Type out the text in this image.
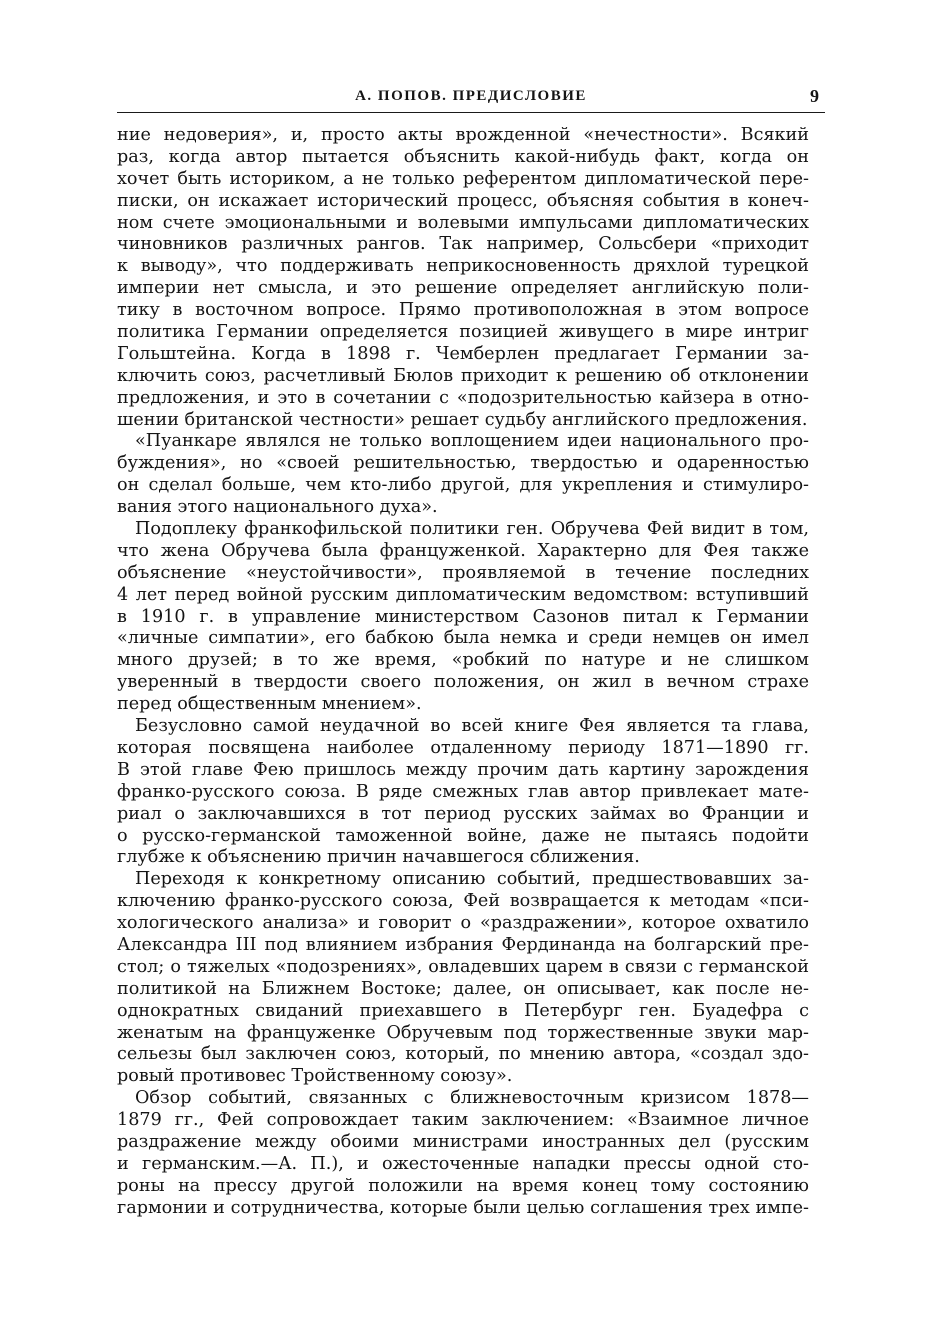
А. ПОПОВ. ПРЕДИСЛОВИЕ	9
ние недоверия», и, просто акты врожденной «нечестности». Всякий
раз, когда автор пытается объяснить какой-нибудь факт, когда он
хочет быть историком, а не только референтом дипломатической пере-
писки, он искажает исторический процесс, объясняя события в конеч-
ном счете эмоциональными и волевыми импульсами дипломатических
чиновников различных рангов. Так например, Сольсбери «приходит
к выводу», что поддерживать неприкосновенность дряхлой турецкой
империи нет смысла, и это решение определяет английскую поли-
тику в восточном вопросе. Прямо противоположная в этом вопросе
политика Германии определяется позицией живущего в мире интриг
Гольштейна. Когда в 1898 г. Чемберлен предлагает Германии за-
ключить союз, расчетливый Бюлов приходит к решению об отклонении
предложения, и это в сочетании с «подозрительностью кайзера в отно-
шении британской честности» решает судьбу английского предложения.
«Пуанкаре являлся не только воплощением идеи национального про-
буждения», но «своей решительностью, твердостью и одаренностью
он сделал больше, чем кто-либо другой, для укрепления и стимулиро-
вания этого национального духа».
Подоплеку франкофильской политики ген. Обручева Фей видит в том,
что жена Обручева была француженкой. Характерно для Фея также
объяснение «неустойчивости», проявляемой в течение последних
4 лет перед войной русским дипломатическим ведомством: вступивший
в 1910 г. в управление министерством Сазонов питал к Германии
«личные симпатии», его бабкою была немка и среди немцев он имел
много друзей; в то же время, «робкий по натуре и не слишком
уверенный в твердости своего положения, он жил в вечном страхе
перед общественным мнением».
Безусловно самой неудачной во всей книге Фея является та глава,
которая посвящена наиболее отдаленному периоду 1871—1890 гг.
В этой главе Фею пришлось между прочим дать картину зарождения
франко-русского союза. В ряде смежных глав автор привлекает мате-
риал о заключавшихся в тот период русских займах во Франции и
о русско-германской таможенной войне, даже не пытаясь подойти
глубже к объяснению причин начавшегося сближения.
Переходя к конкретному описанию событий, предшествовавших за-
ключению франко-русского союза, Фей возвращается к методам «пси-
хологического анализа» и говорит о «раздражении», которое охватило
Александра III под влиянием избрания Фердинанда на болгарский пре-
стол; о тяжелых «подозрениях», овладевших царем в связи с германской
политикой на Ближнем Востоке; далее, он описывает, как после не-
однократных свиданий приехавшего в Петербург ген. Буадефра с
женатым на француженке Обручевым под торжественные звуки мар-
сельезы был заключен союз, который, по мнению автора, «создал здо-
ровый противовес Тройственному союзу».
Обзор событий, связанных с ближневосточным кризисом 1878—
1879 гг., Фей сопровождает таким заключением: «Взаимное личное
раздражение между обоими министрами иностранных дел (русским
и германским.—А. П.), и ожесточенные нападки прессы одной сто-
роны на прессу другой положили на время конец тому состоянию
гармонии и сотрудничества, которые были целью соглашения трех импе-
